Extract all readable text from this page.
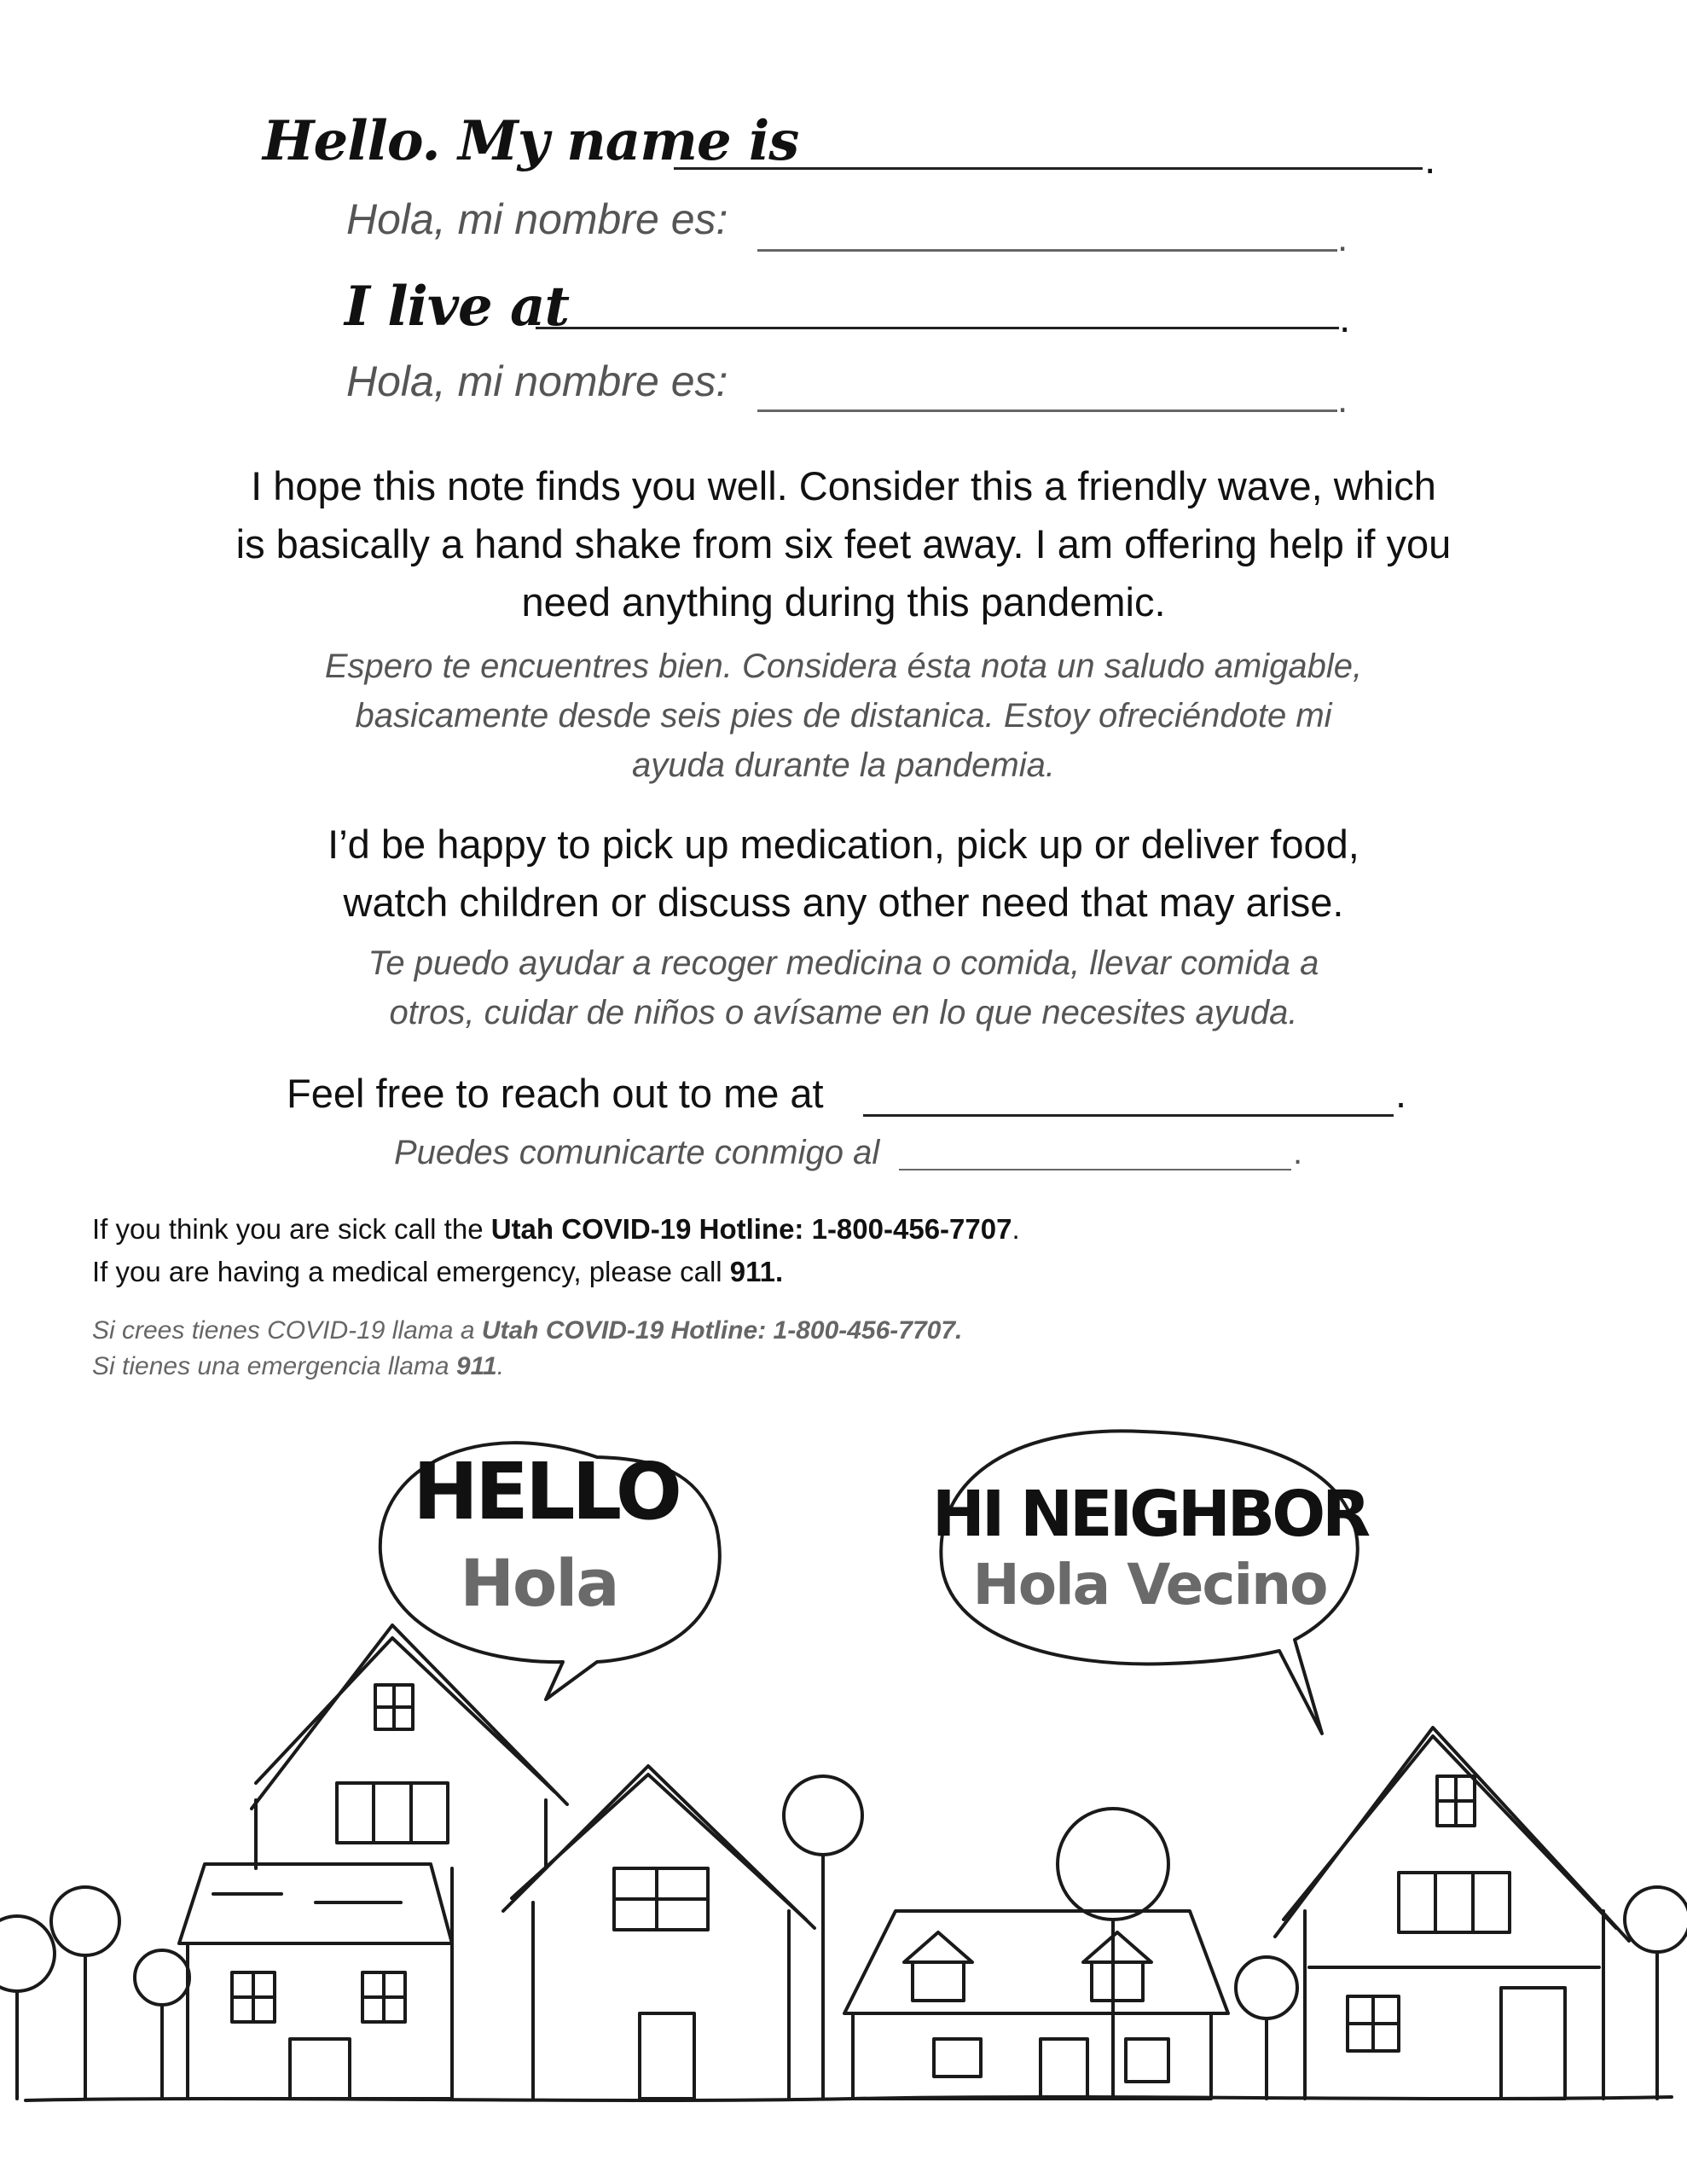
Hello. My name is	.
Hola, mi nombre es:	.
I live at	.
Hola, mi nombre es:	.
I hope this note finds you well. Consider this a friendly wave, which
is basically a hand shake from six feet away. I am offering help if you
need anything during this pandemic.
Espero te encuentres bien. Considera ésta nota un saludo amigable,
basicamente desde seis pies de distanica. Estoy ofreciéndote mi
ayuda durante la pandemia.
I’d be happy to pick up medication, pick up or deliver food,
watch children or discuss any other need that may arise.
Te puedo ayudar a recoger medicina o comida, llevar comida a
otros, cuidar de niños o avísame en lo que necesites ayuda.
Feel free to reach out to me at	.
Puedes comunicarte conmigo al	.
If you think you are sick call the Utah COVID-19 Hotline: 1-800-456-7707.
If you are having a medical emergency, please call 911.
Si crees tienes COVID-19 llama a Utah COVID-19 Hotline: 1-800-456-7707.
Si tienes una emergencia llama 911.
HELLO
Hola
HI NEIGHBOR
Hola Vecino
